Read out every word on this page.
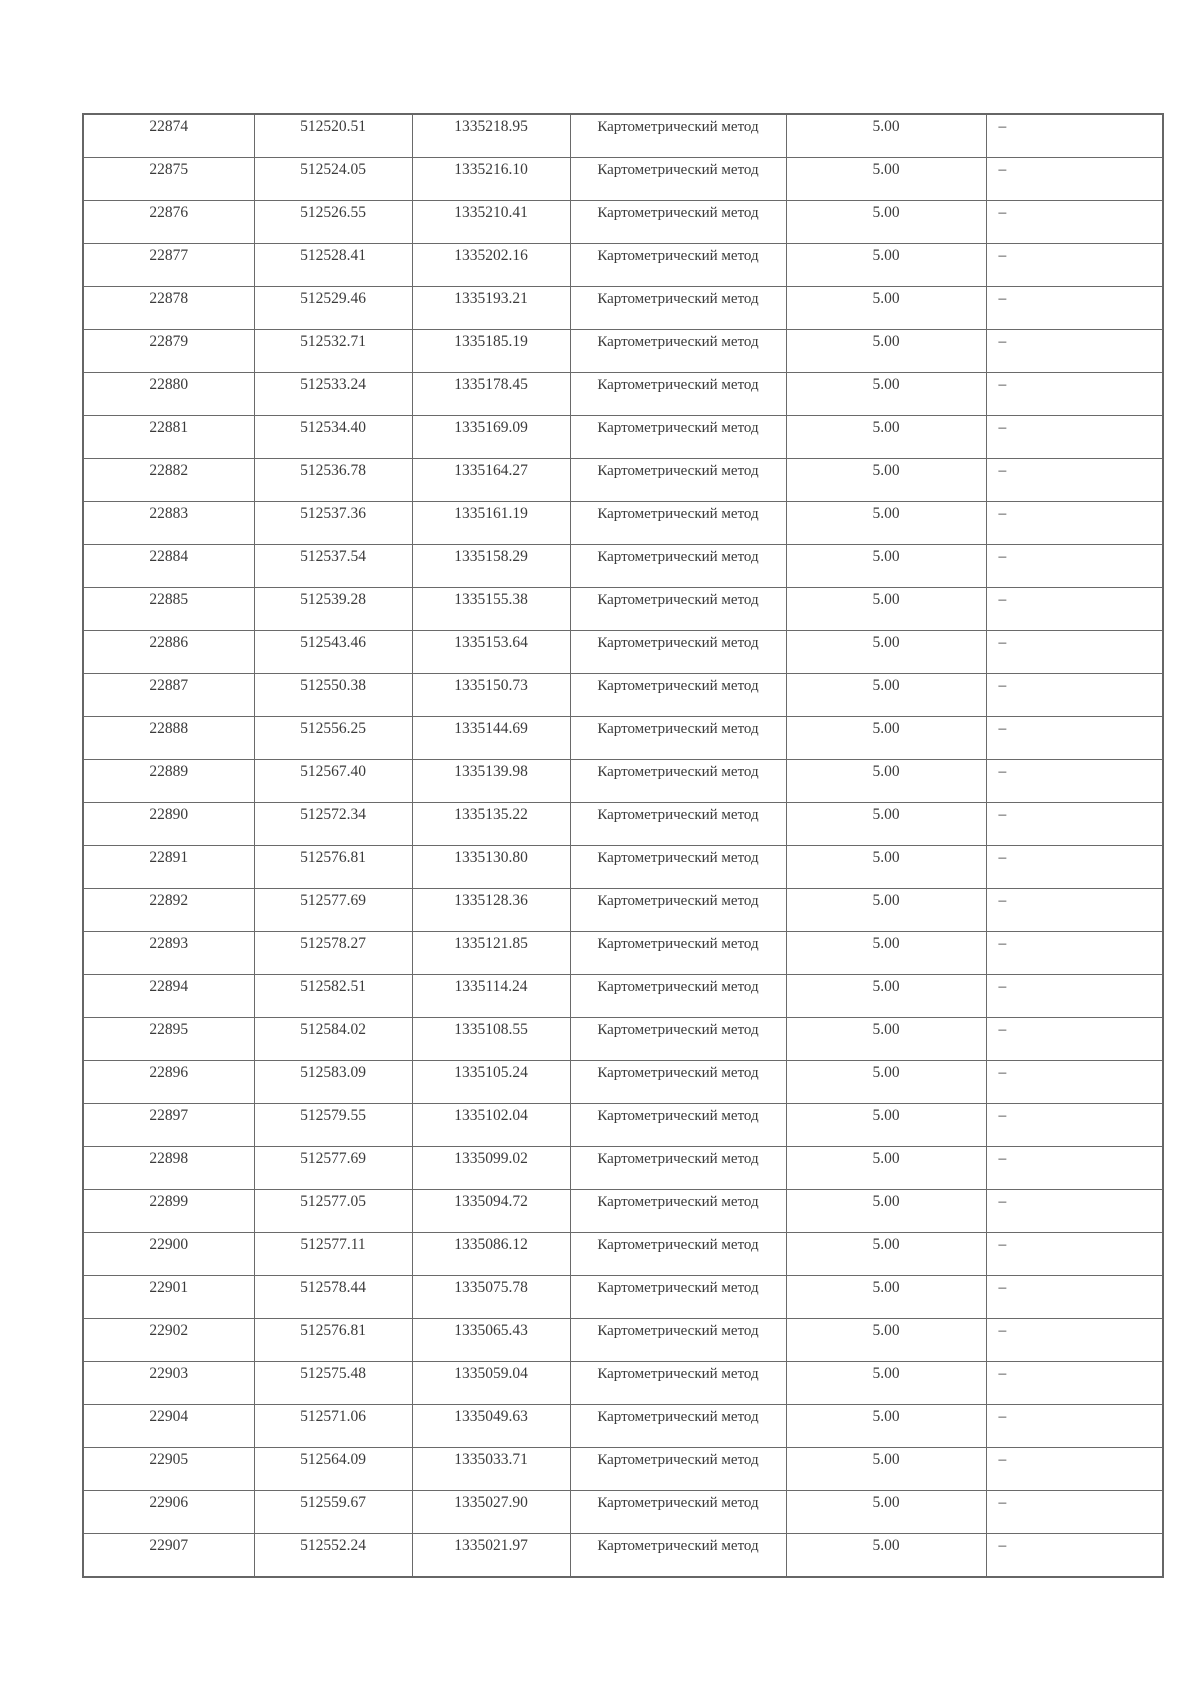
22874	512520.51	1335218.95	Картометрический метод	5.00	–
22875	512524.05	1335216.10	Картометрический метод	5.00	–
22876	512526.55	1335210.41	Картометрический метод	5.00	–
22877	512528.41	1335202.16	Картометрический метод	5.00	–
22878	512529.46	1335193.21	Картометрический метод	5.00	–
22879	512532.71	1335185.19	Картометрический метод	5.00	–
22880	512533.24	1335178.45	Картометрический метод	5.00	–
22881	512534.40	1335169.09	Картометрический метод	5.00	–
22882	512536.78	1335164.27	Картометрический метод	5.00	–
22883	512537.36	1335161.19	Картометрический метод	5.00	–
22884	512537.54	1335158.29	Картометрический метод	5.00	–
22885	512539.28	1335155.38	Картометрический метод	5.00	–
22886	512543.46	1335153.64	Картометрический метод	5.00	–
22887	512550.38	1335150.73	Картометрический метод	5.00	–
22888	512556.25	1335144.69	Картометрический метод	5.00	–
22889	512567.40	1335139.98	Картометрический метод	5.00	–
22890	512572.34	1335135.22	Картометрический метод	5.00	–
22891	512576.81	1335130.80	Картометрический метод	5.00	–
22892	512577.69	1335128.36	Картометрический метод	5.00	–
22893	512578.27	1335121.85	Картометрический метод	5.00	–
22894	512582.51	1335114.24	Картометрический метод	5.00	–
22895	512584.02	1335108.55	Картометрический метод	5.00	–
22896	512583.09	1335105.24	Картометрический метод	5.00	–
22897	512579.55	1335102.04	Картометрический метод	5.00	–
22898	512577.69	1335099.02	Картометрический метод	5.00	–
22899	512577.05	1335094.72	Картометрический метод	5.00	–
22900	512577.11	1335086.12	Картометрический метод	5.00	–
22901	512578.44	1335075.78	Картометрический метод	5.00	–
22902	512576.81	1335065.43	Картометрический метод	5.00	–
22903	512575.48	1335059.04	Картометрический метод	5.00	–
22904	512571.06	1335049.63	Картометрический метод	5.00	–
22905	512564.09	1335033.71	Картометрический метод	5.00	–
22906	512559.67	1335027.90	Картометрический метод	5.00	–
22907	512552.24	1335021.97	Картометрический метод	5.00	–
